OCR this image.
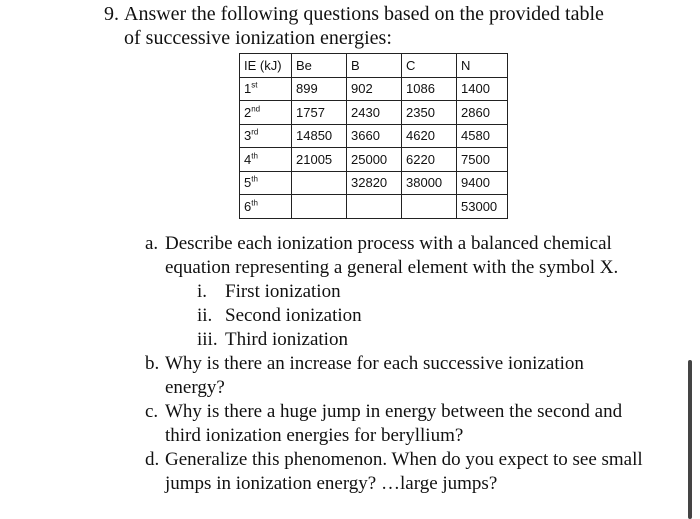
9. Answer the following questions based on the provided table
of successive ionization energies:
IE (kJ)	Be	B	C	N
1st	899	902	1086	1400
2nd	1757	2430	2350	2860
3rd	14850	3660	4620	4580
4th	21005	25000	6220	7500
5th		32820	38000	9400
6th				53000
a. Describe each ionization process with a balanced chemical equation representing a general element with the symbol X.
i. First ionization
ii. Second ionization
iii. Third ionization
b. Why is there an increase for each successive ionization energy?
c. Why is there a huge jump in energy between the second and third ionization energies for beryllium?
d. Generalize this phenomenon. When do you expect to see small jumps in ionization energy? …large jumps?
